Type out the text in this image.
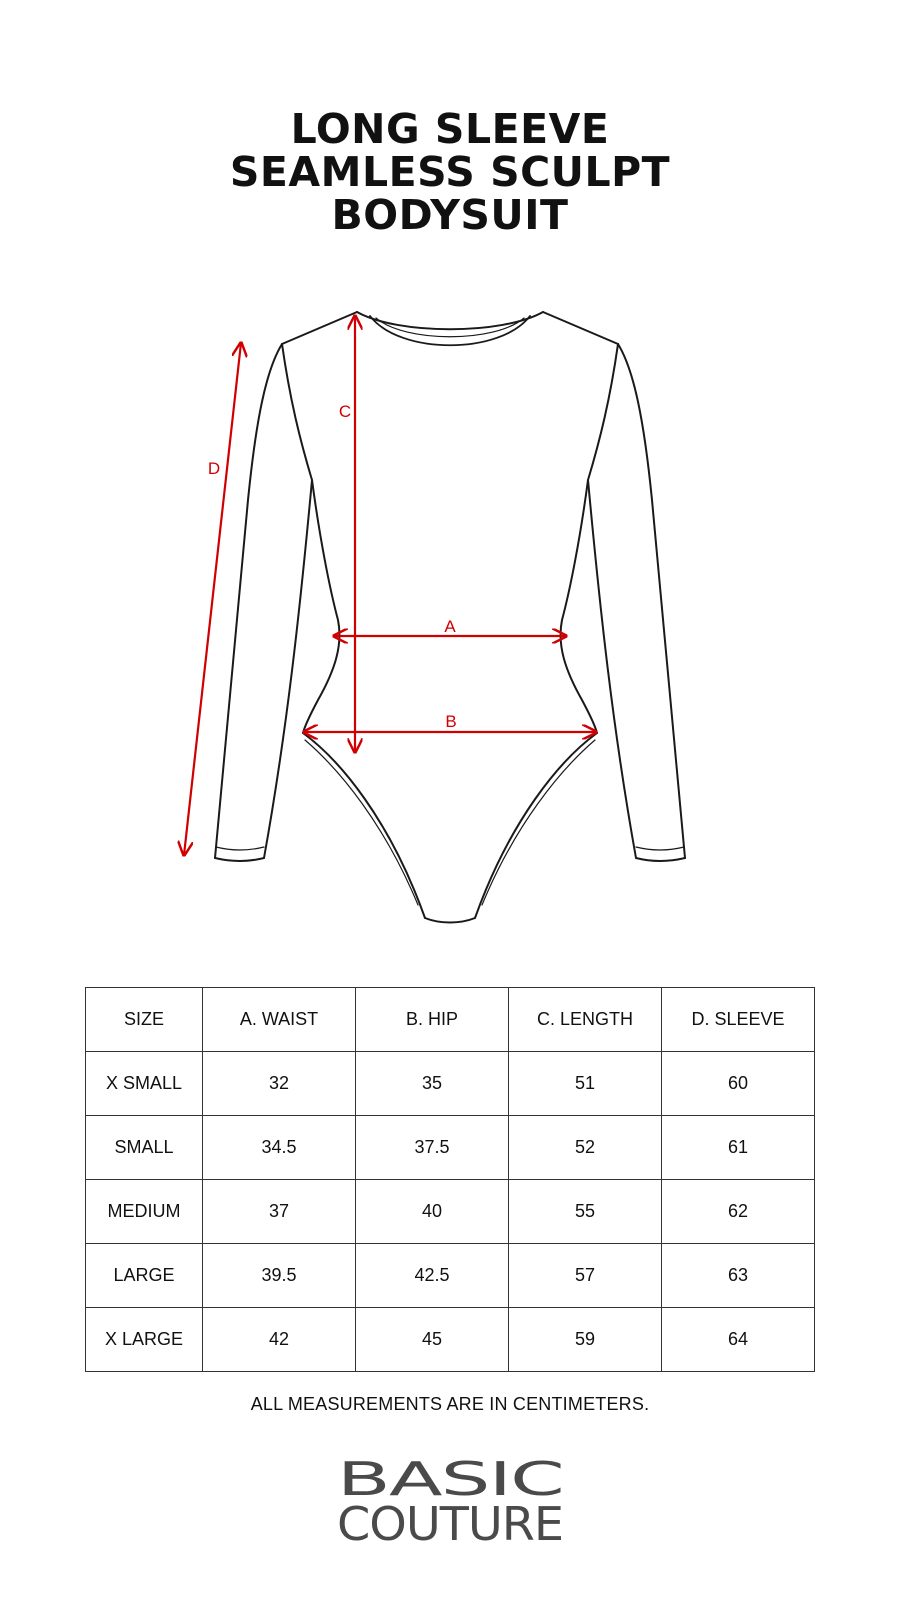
LONG SLEEVE
SEAMLESS SCULPT
BODYSUIT
C
D
A
B
SIZE	A. WAIST	B. HIP	C. LENGTH	D. SLEEVE
X SMALL	32	35	51	60
SMALL	34.5	37.5	52	61
MEDIUM	37	40	55	62
LARGE	39.5	42.5	57	63
X LARGE	42	45	59	64
ALL MEASUREMENTS ARE IN CENTIMETERS.
BASIC
COUTURE
